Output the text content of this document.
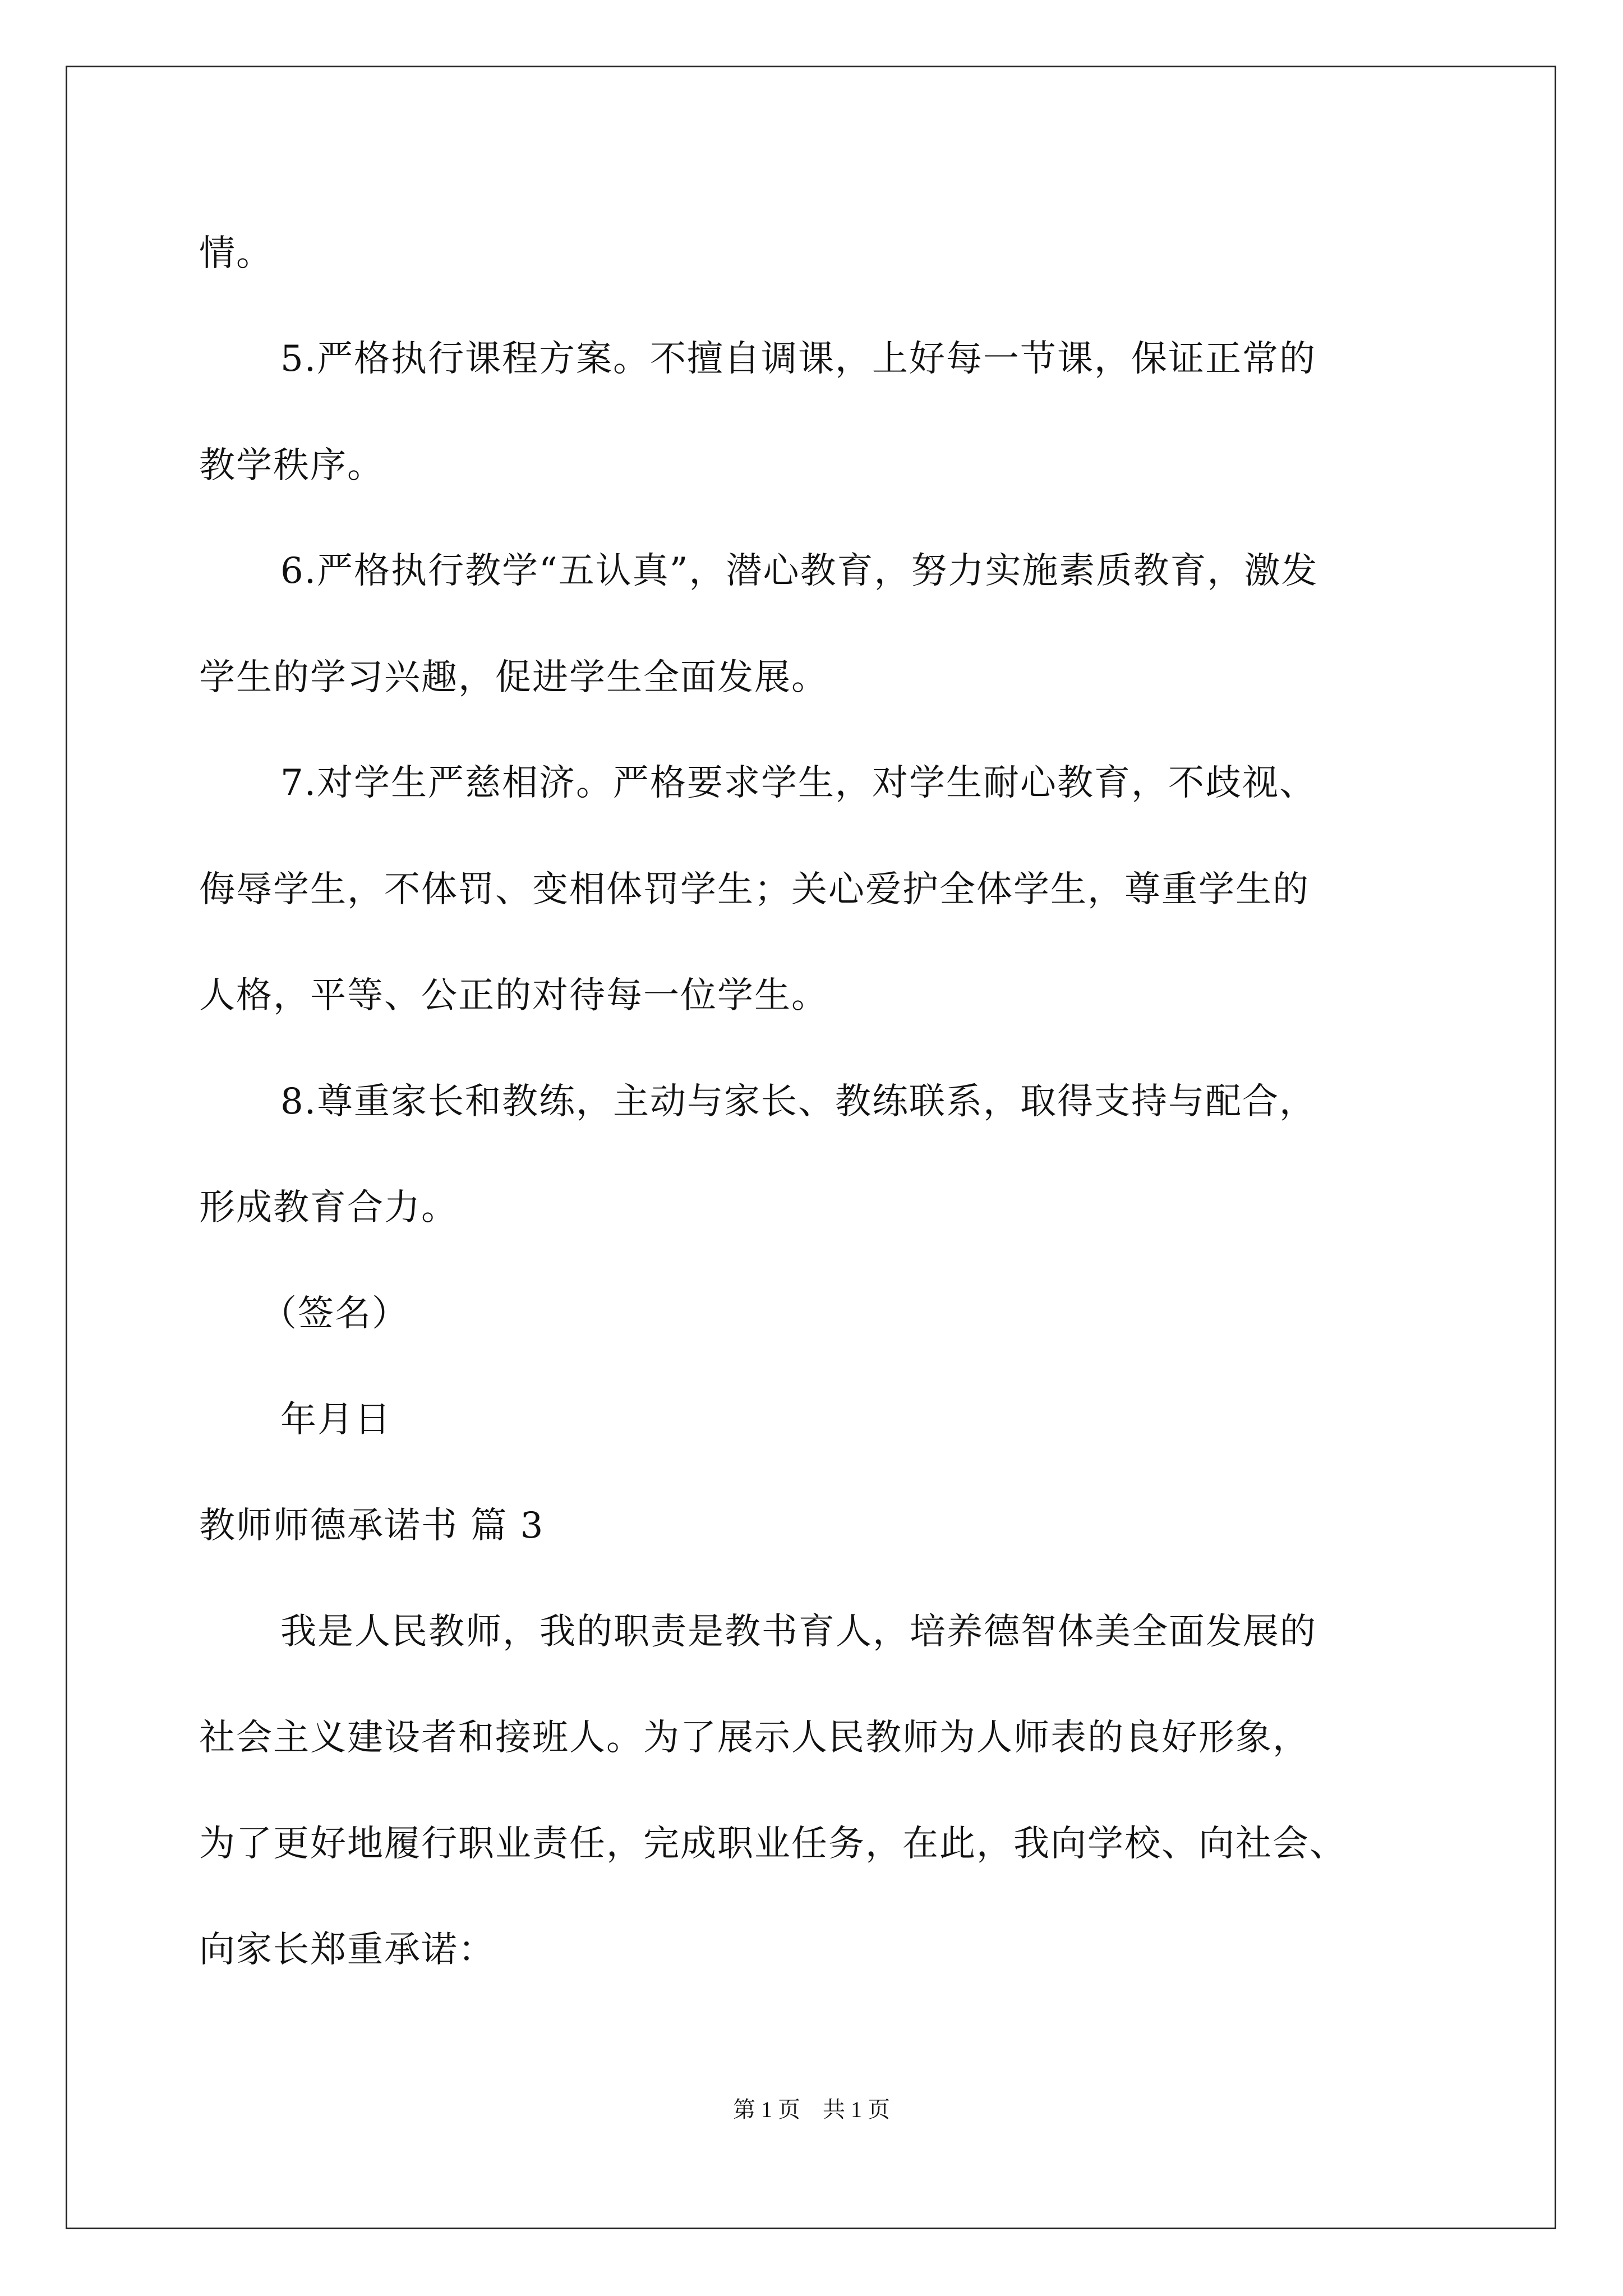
情。
5.严格执行课程方案。不擅自调课，上好每一节课，保证正常的
教学秩序。
6.严格执行教学“五认真”，潜心教育，努力实施素质教育，激发
学生的学习兴趣，促进学生全面发展。
7.对学生严慈相济。严格要求学生，对学生耐心教育，不歧视、
侮辱学生，不体罚、变相体罚学生；关心爱护全体学生，尊重学生的
人格，平等、公正的对待每一位学生。
8.尊重家长和教练，主动与家长、教练联系，取得支持与配合，
形成教育合力。
（签名）
年月日
教师师德承诺书 篇 3
我是人民教师，我的职责是教书育人，培养德智体美全面发展的
社会主义建设者和接班人。为了展示人民教师为人师表的良好形象，
为了更好地履行职业责任，完成职业任务，在此，我向学校、向社会、
向家长郑重承诺：
第 1 页　共 1 页
